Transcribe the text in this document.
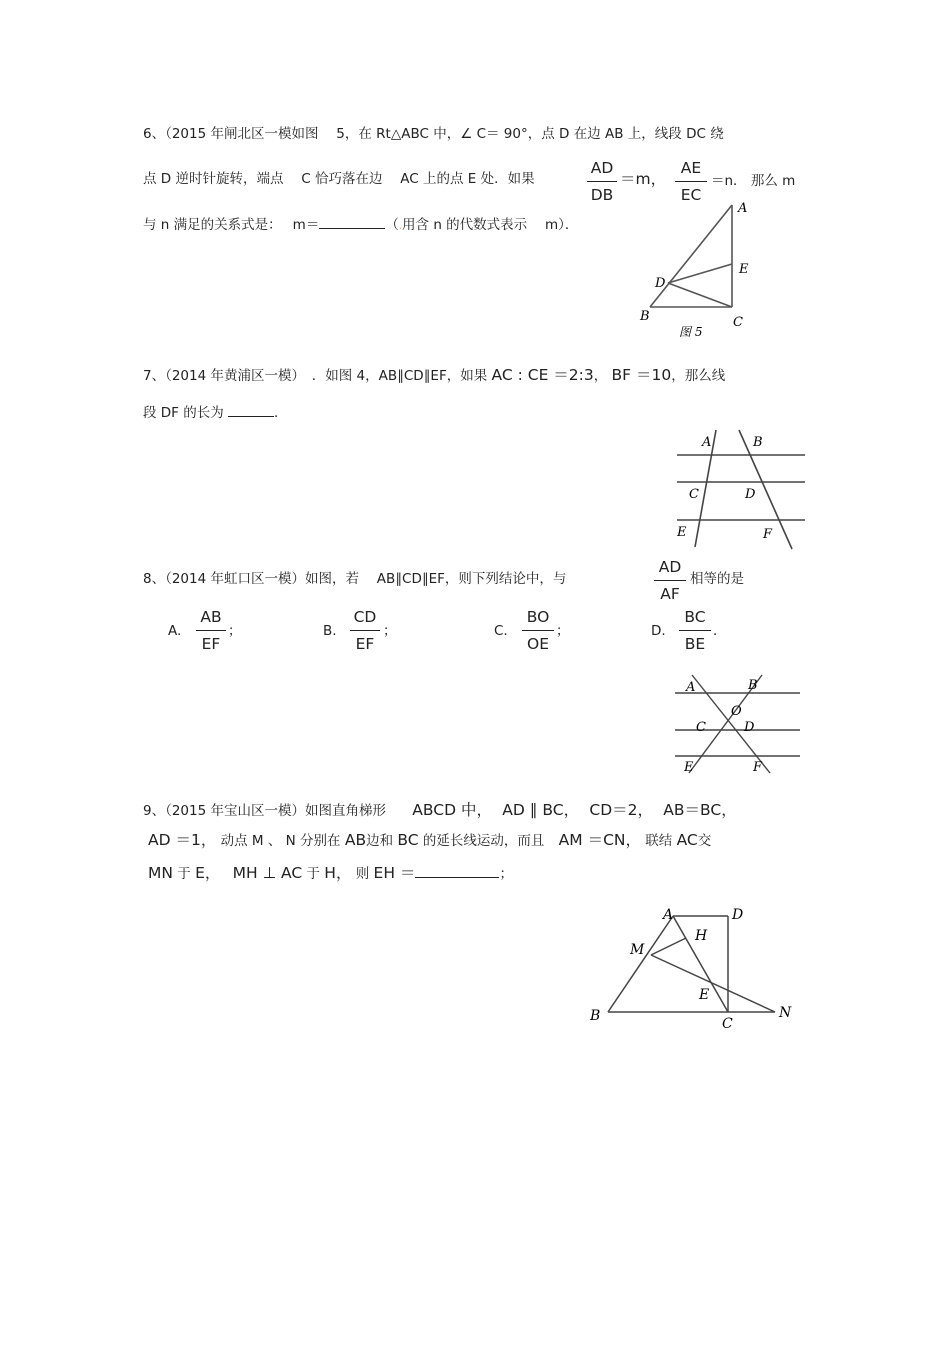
6、（2015 年闸北区一模如图　 5，在 Rt△ABC 中，∠ C＝ 90°，点 D 在边 AB 上，线段 DC 绕
点 D 逆时针旋转，端点　 C 恰巧落在边　 AC 上的点 E 处．如果
AD
DB
＝m，
AE
EC
＝n． 那么 m
与 n 满足的关系式是：　 m＝	（.用含 n 的代数式表示　 m）．
A
E
D
B	C
图 5
7、（2014 年黄浦区一模）　．如图 4，AB∥CD∥EF，如果 AC : CE ＝2:3， BF ＝10，那么线
段 DF 的长为	．
A	B
C	D
E	F
8、（2014 年虹口区一模）如图，若　 AB∥CD∥EF，则下列结论中，与
AD
AF
相等的是
A.
AB
EF
；	B.
CD
EF
；	C.
BO
OE
；	D.
BC
BE
．
A	B
O
C	D
E	F
9、（2015 年宝山区一模）如图直角梯形 ABCD 中， AD ∥ BC， CD＝2， AB＝BC，
AD ＝1， 动点 M 、 N 分别在 AB边和 BC 的延长线运动，而且 AM ＝CN， 联结 AC交
MN 于 E， MH ⊥ AC 于 H， 则 EH ＝	；
A	D
H
M
E
B	C
N
